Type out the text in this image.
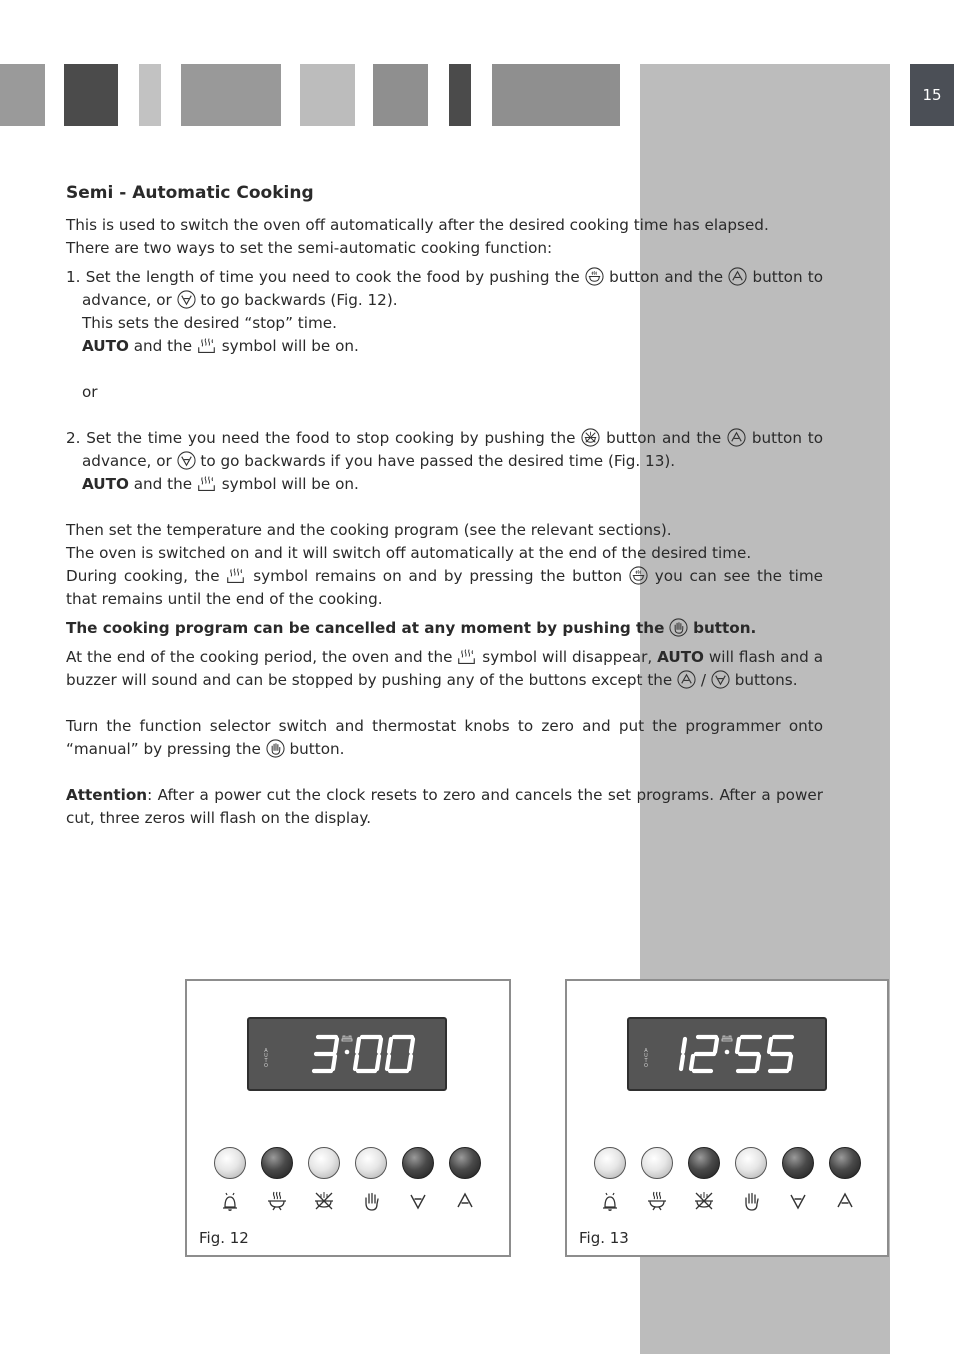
15
Semi - Automatic Cooking

This is used to switch the oven off automatically after the desired cooking time has elapsed.

There are two ways to set the semi-automatic cooking function:

1. Set the length of time you need to cook the food by pushing the button and the button to advance, or to go backwards (Fig. 12).

This sets the desired “stop” time.

AUTO and the symbol will be on.

or

2. Set the time you need the food to stop cooking by pushing the button and the button to advance, or to go backwards if you have passed the desired time (Fig. 13).

AUTO and the symbol will be on.

Then set the temperature and the cooking program (see the relevant sections).

The oven is switched on and it will switch off automatically at the end of the desired time.

During cooking, the symbol remains on and by pressing the button you can see the time that remains until the end of the cooking.

The cooking program can be cancelled at any moment by pushing the button.

At the end of the cooking period, the oven and the symbol will disappear, AUTO will flash and a buzzer will sound and can be stopped by pushing any of the buttons except the / buttons.

Turn the function selector switch and thermostat knobs to zero and put the programmer onto “manual” by pressing the button.

Attention: After a power cut the clock resets to zero and cancels the set programs. After a power cut, three zeros will flash on the display.

AUTO
Fig. 12
AUTO
Fig. 13
